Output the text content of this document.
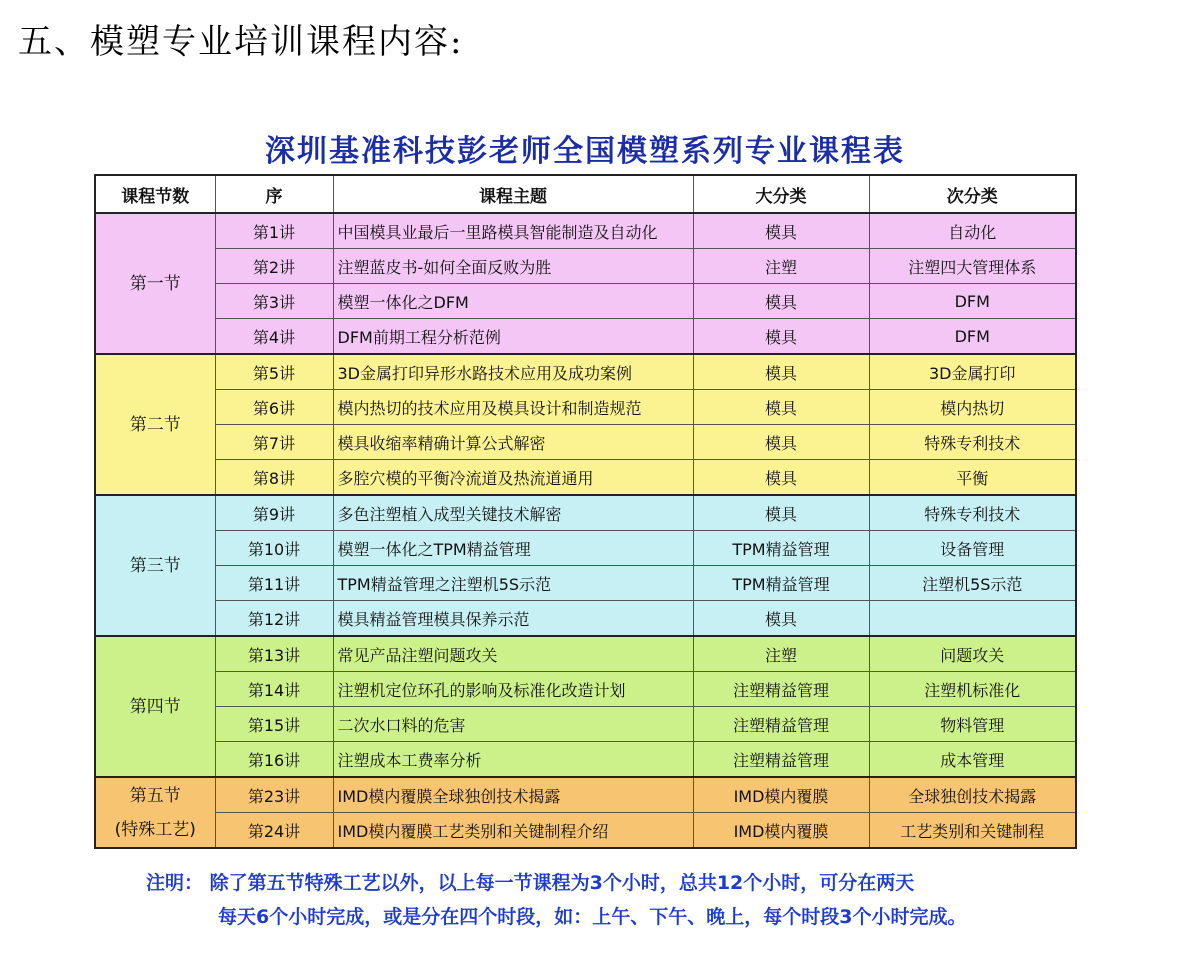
五、模塑专业培训课程内容:
深圳基准科技彭老师全国模塑系列专业课程表
课程节数	序	课程主题	大分类	次分类
第一节	第1讲	中国模具业最后一里路模具智能制造及自动化	模具	自动化
	第2讲	注塑蓝皮书-如何全面反败为胜	注塑	注塑四大管理体系
	第3讲	模塑一体化之DFM	模具	DFM
	第4讲	DFM前期工程分析范例	模具	DFM
第二节	第5讲	3D金属打印异形水路技术应用及成功案例	模具	3D金属打印
	第6讲	模内热切的技术应用及模具设计和制造规范	模具	模内热切
	第7讲	模具收缩率精确计算公式解密	模具	特殊专利技术
	第8讲	多腔穴模的平衡冷流道及热流道通用	模具	平衡
第三节	第9讲	多色注塑植入成型关键技术解密	模具	特殊专利技术
	第10讲	模塑一体化之TPM精益管理	TPM精益管理	设备管理
	第11讲	TPM精益管理之注塑机5S示范	TPM精益管理	注塑机5S示范
	第12讲	模具精益管理模具保养示范	模具	
第四节	第13讲	常见产品注塑问题攻关	注塑	问题攻关
	第14讲	注塑机定位环孔的影响及标准化改造计划	注塑精益管理	注塑机标准化
	第15讲	二次水口料的危害	注塑精益管理	物料管理
	第16讲	注塑成本工费率分析	注塑精益管理	成本管理

第五节
(特殊工艺)	第23讲	IMD模内覆膜全球独创技术揭露	IMD模内覆膜	全球独创技术揭露
	第24讲	IMD模内覆膜工艺类别和关键制程介绍	IMD模内覆膜	工艺类别和关键制程
注明： 除了第五节特殊工艺以外，以上每一节课程为3个小时，总共12个小时，可分在两天
每天6个小时完成，或是分在四个时段，如：上午、下午、晚上，每个时段3个小时完成。
